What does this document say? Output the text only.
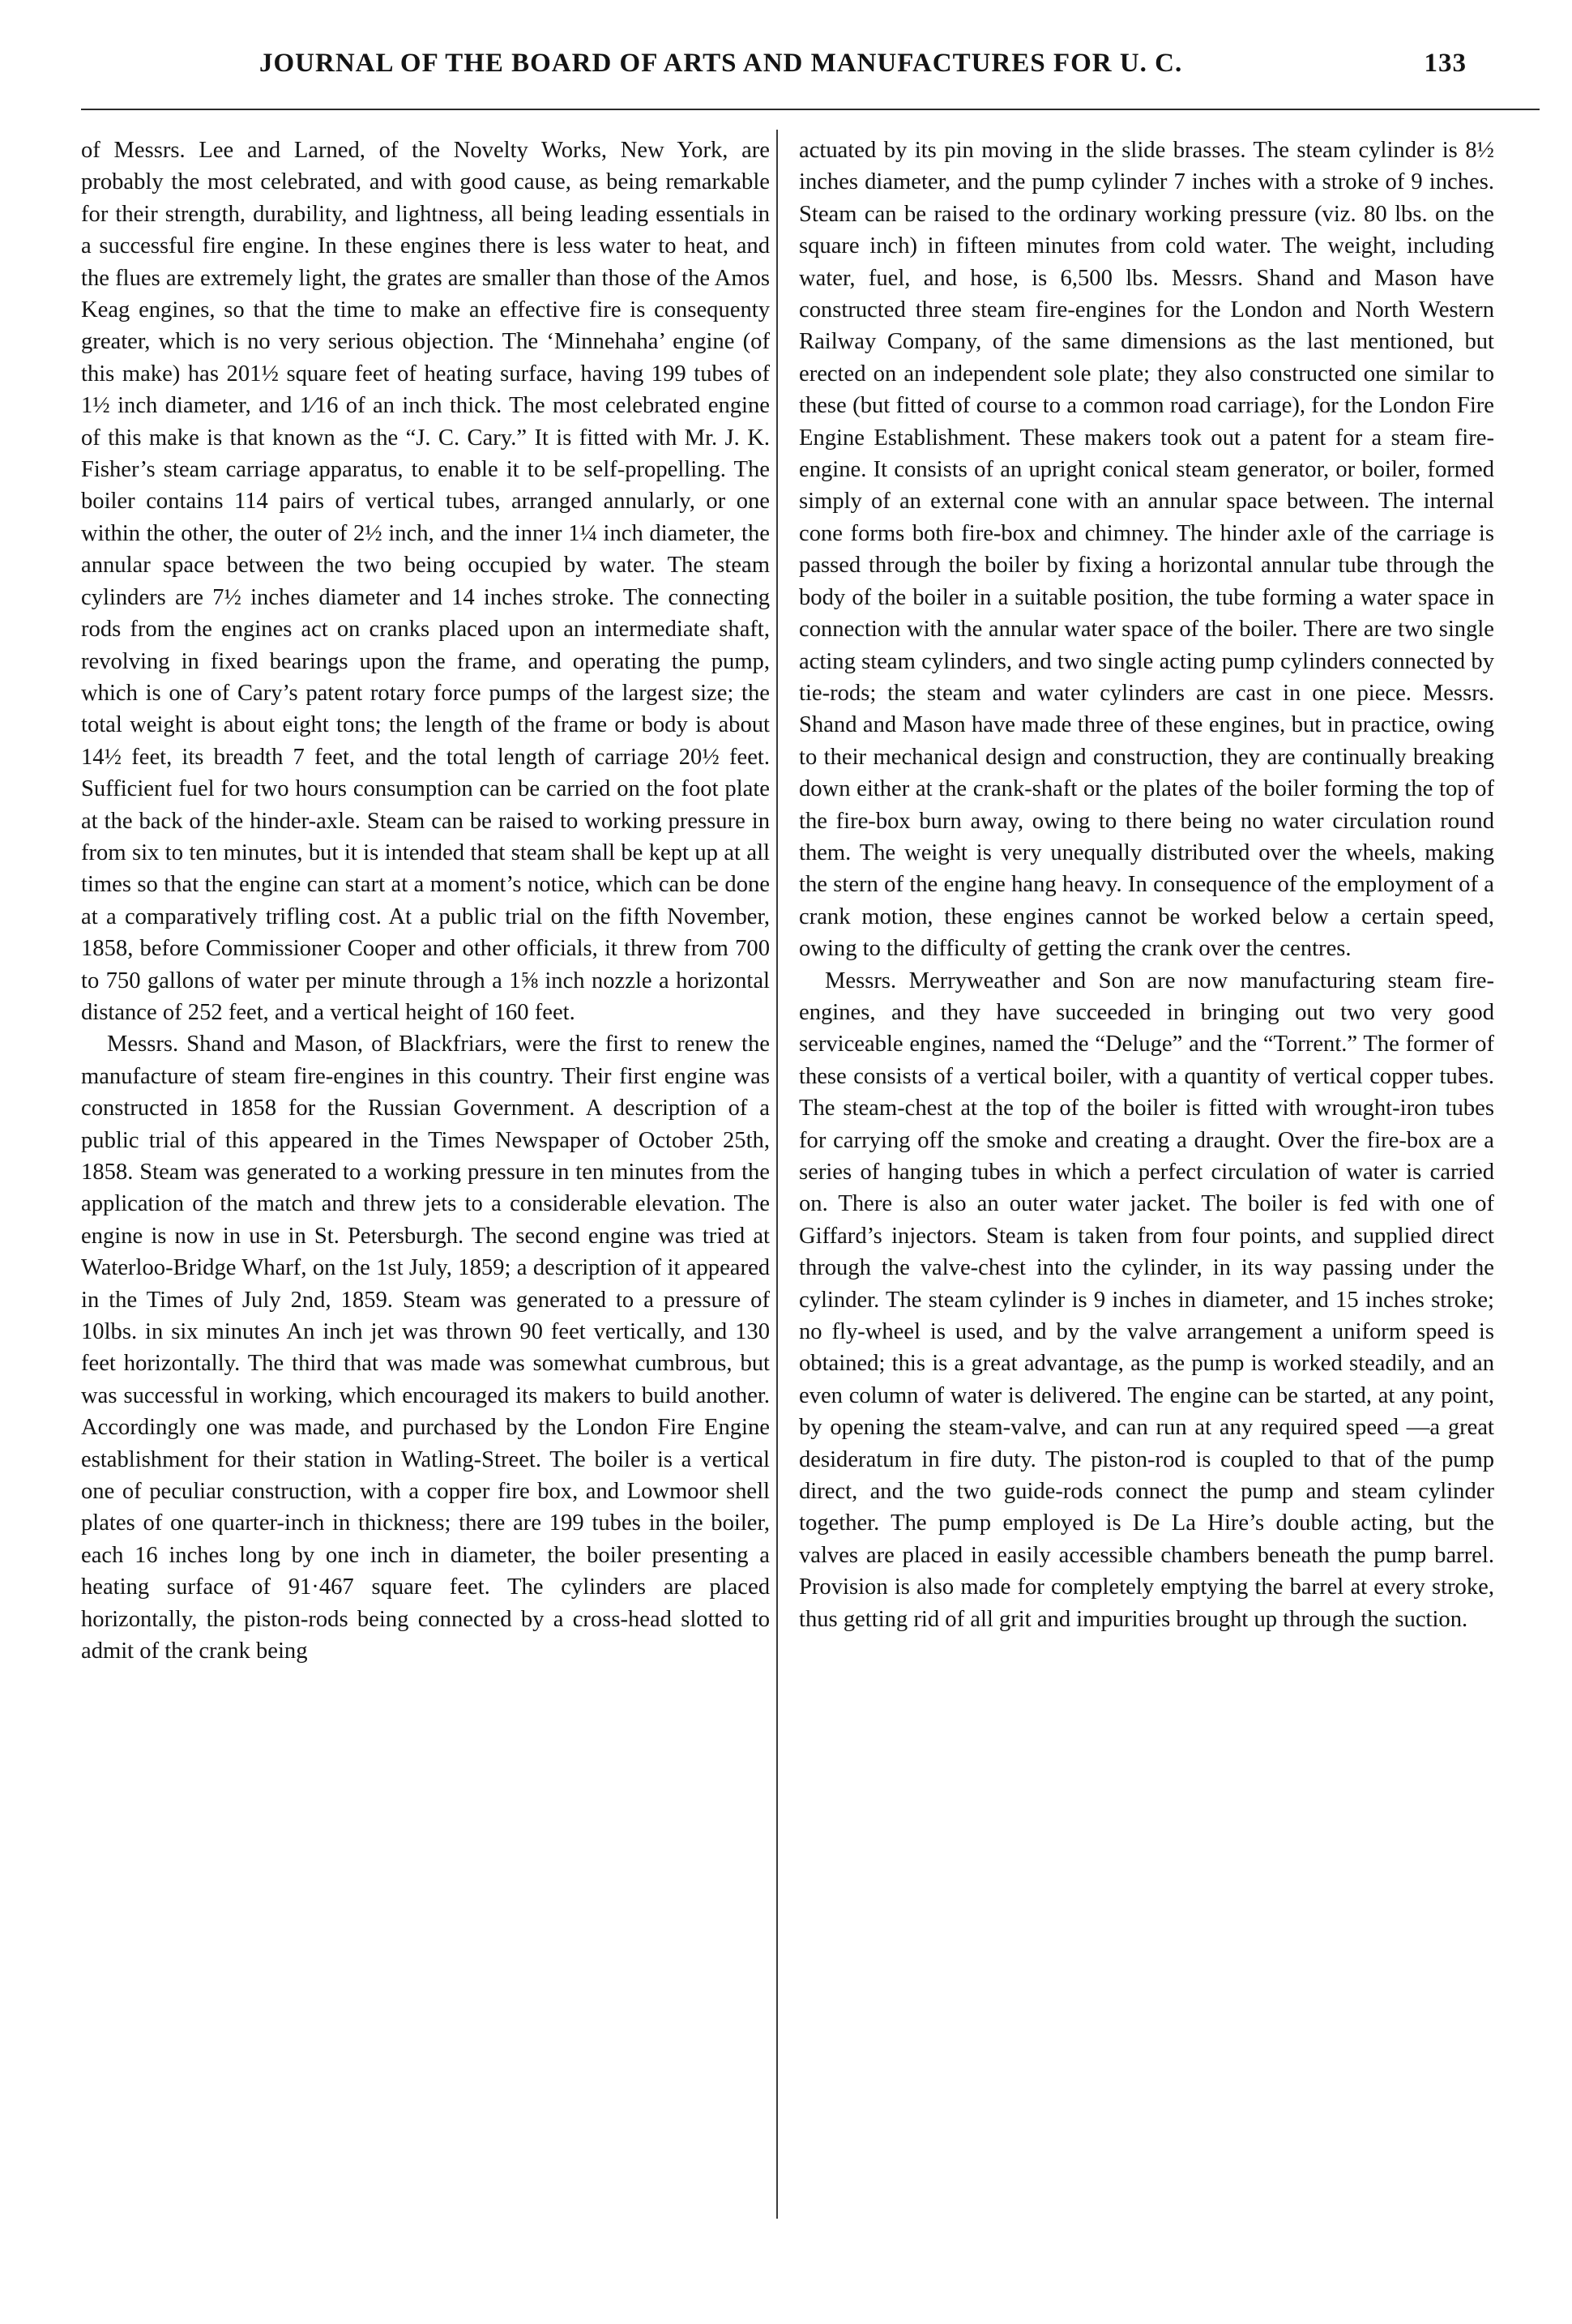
JOURNAL OF THE BOARD OF ARTS AND MANUFACTURES FOR U. C.	133

of Messrs. Lee and Larned, of the Novelty Works, New York, are probably the most celebrated, and with good cause, as being remarkable for their strength, durability, and lightness, all being leading essentials in a successful fire engine. In these engines there is less water to heat, and the flues are extremely light, the grates are smaller than those of the Amos Keag engines, so that the time to make an effective fire is consequenty greater, which is no very serious objection. The ‘Minnehaha’ engine (of this make) has 201½ square feet of heating surface, having 199 tubes of 1½ inch diameter, and 1⁄16 of an inch thick. The most celebrated engine of this make is that known as the “J. C. Cary.” It is fitted with Mr. J. K. Fisher’s steam carriage apparatus, to enable it to be self-propelling. The boiler contains 114 pairs of vertical tubes, arranged annularly, or one within the other, the outer of 2½ inch, and the inner 1¼ inch diameter, the annular space between the two being occupied by water. The steam cylinders are 7½ inches diameter and 14 inches stroke. The connecting rods from the engines act on cranks placed upon an intermediate shaft, revolving in fixed bearings upon the frame, and operating the pump, which is one of Cary’s patent rotary force pumps of the largest size; the total weight is about eight tons; the length of the frame or body is about 14½ feet, its breadth 7 feet, and the total length of carriage 20½ feet. Sufficient fuel for two hours consumption can be carried on the foot plate at the back of the hinder-axle. Steam can be raised to working pressure in from six to ten minutes, but it is intended that steam shall be kept up at all times so that the engine can start at a moment’s notice, which can be done at a comparatively trifling cost. At a public trial on the fifth November, 1858, before Commissioner Cooper and other officials, it threw from 700 to 750 gallons of water per minute through a 1⅝ inch nozzle a horizontal distance of 252 feet, and a vertical height of 160 feet.

Messrs. Shand and Mason, of Blackfriars, were the first to renew the manufacture of steam fire-engines in this country. Their first engine was constructed in 1858 for the Russian Government. A description of a public trial of this appeared in the Times Newspaper of October 25th, 1858. Steam was generated to a working pressure in ten minutes from the application of the match and threw jets to a considerable elevation. The engine is now in use in St. Petersburgh. The second engine was tried at Waterloo-Bridge Wharf, on the 1st July, 1859; a description of it appeared in the Times of July 2nd, 1859. Steam was generated to a pressure of 10lbs. in six minutes An inch jet was thrown 90 feet vertically, and 130 feet horizontally. The third that was made was somewhat cumbrous, but was successful in working, which encouraged its makers to build another. Accordingly one was made, and purchased by the London Fire Engine establishment for their station in Watling-Street. The boiler is a vertical one of peculiar construction, with a copper fire box, and Lowmoor shell plates of one quarter-inch in thickness; there are 199 tubes in the boiler, each 16 inches long by one inch in diameter, the boiler presenting a heating surface of 91·467 square feet. The cylinders are placed horizontally, the piston-rods being connected by a cross-head slotted to admit of the crank being

actuated by its pin moving in the slide brasses. The steam cylinder is 8½ inches diameter, and the pump cylinder 7 inches with a stroke of 9 inches. Steam can be raised to the ordinary working pressure (viz. 80 lbs. on the square inch) in fifteen minutes from cold water. The weight, including water, fuel, and hose, is 6,500 lbs. Messrs. Shand and Mason have constructed three steam fire-engines for the London and North Western Railway Company, of the same dimensions as the last mentioned, but erected on an independent sole plate; they also constructed one similar to these (but fitted of course to a common road carriage), for the London Fire Engine Establishment. These makers took out a patent for a steam fire-engine. It consists of an upright conical steam generator, or boiler, formed simply of an external cone with an annular space between. The internal cone forms both fire-box and chimney. The hinder axle of the carriage is passed through the boiler by fixing a horizontal annular tube through the body of the boiler in a suitable position, the tube forming a water space in connection with the annular water space of the boiler. There are two single acting steam cylinders, and two single acting pump cylinders connected by tie-rods; the steam and water cylinders are cast in one piece. Messrs. Shand and Mason have made three of these engines, but in practice, owing to their mechanical design and construction, they are continually breaking down either at the crank-shaft or the plates of the boiler forming the top of the fire-box burn away, owing to there being no water circulation round them. The weight is very unequally distributed over the wheels, making the stern of the engine hang heavy. In consequence of the employment of a crank motion, these engines cannot be worked below a certain speed, owing to the difficulty of getting the crank over the centres.

Messrs. Merryweather and Son are now manufacturing steam fire-engines, and they have succeeded in bringing out two very good serviceable engines, named the “Deluge” and the “Torrent.” The former of these consists of a vertical boiler, with a quantity of vertical copper tubes. The steam-chest at the top of the boiler is fitted with wrought-iron tubes for carrying off the smoke and creating a draught. Over the fire-box are a series of hanging tubes in which a perfect circulation of water is carried on. There is also an outer water jacket. The boiler is fed with one of Giffard’s injectors. Steam is taken from four points, and supplied direct through the valve-chest into the cylinder, in its way passing under the cylinder. The steam cylinder is 9 inches in diameter, and 15 inches stroke; no fly-wheel is used, and by the valve arrangement a uniform speed is obtained; this is a great advantage, as the pump is worked steadily, and an even column of water is delivered. The engine can be started, at any point, by opening the steam-valve, and can run at any required speed —a great desideratum in fire duty. The piston-rod is coupled to that of the pump direct, and the two guide-rods connect the pump and steam cylinder together. The pump employed is De La Hire’s double acting, but the valves are placed in easily accessible chambers beneath the pump barrel. Provision is also made for completely emptying the barrel at every stroke, thus getting rid of all grit and impurities brought up through the suction.
